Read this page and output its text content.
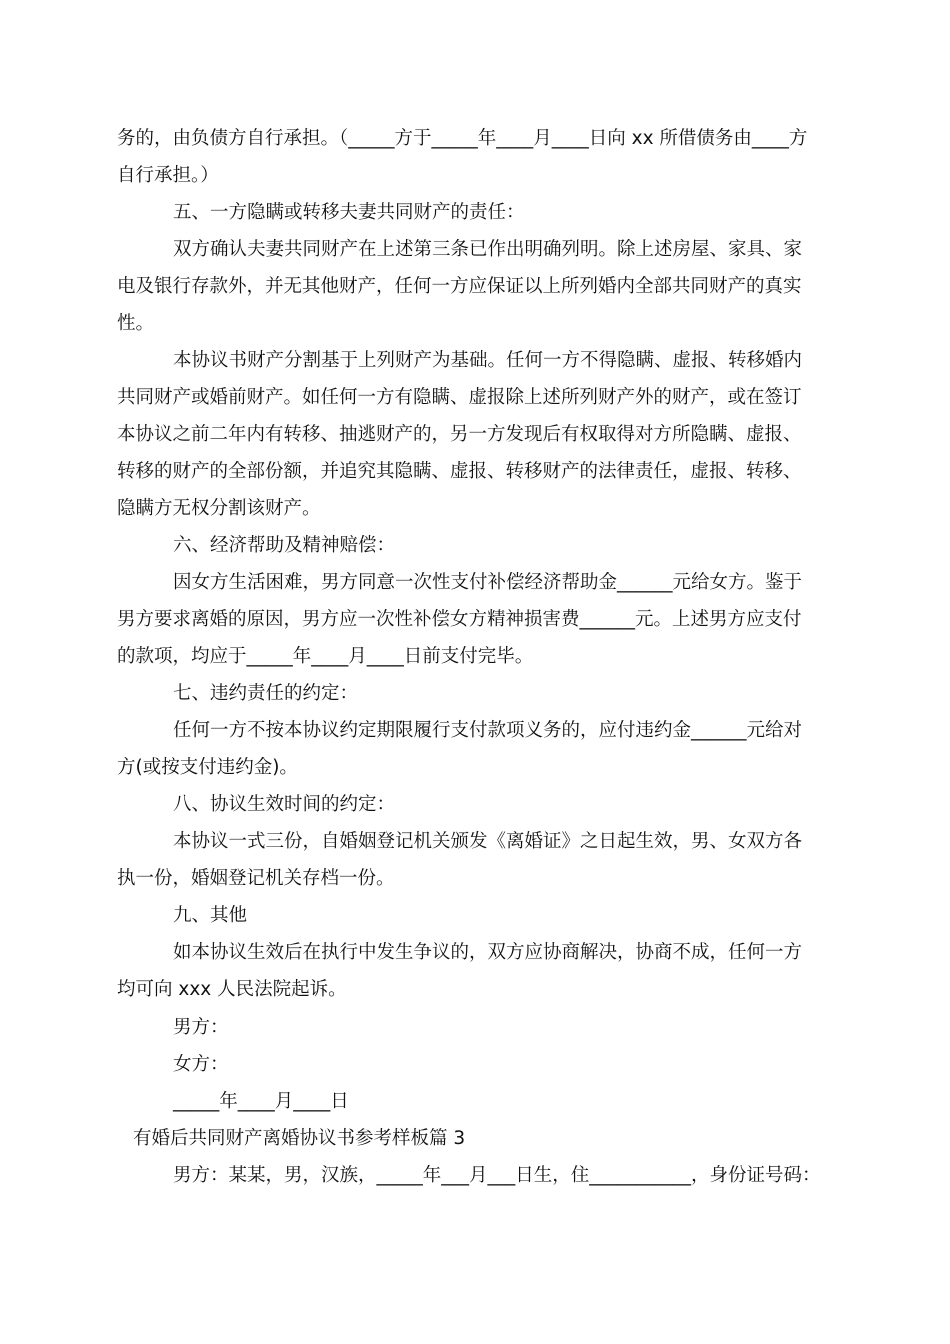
务的，由负债方自行承担。（_____方于_____年____月____日向 xx 所借债务由____方
自行承担。）
五、一方隐瞒或转移夫妻共同财产的责任：
双方确认夫妻共同财产在上述第三条已作出明确列明。除上述房屋、家具、家
电及银行存款外，并无其他财产，任何一方应保证以上所列婚内全部共同财产的真实
性。
本协议书财产分割基于上列财产为基础。任何一方不得隐瞒、虚报、转移婚内
共同财产或婚前财产。如任何一方有隐瞒、虚报除上述所列财产外的财产，或在签订
本协议之前二年内有转移、抽逃财产的，另一方发现后有权取得对方所隐瞒、虚报、
转移的财产的全部份额，并追究其隐瞒、虚报、转移财产的法律责任，虚报、转移、
隐瞒方无权分割该财产。
六、经济帮助及精神赔偿：
因女方生活困难，男方同意一次性支付补偿经济帮助金______元给女方。鉴于
男方要求离婚的原因，男方应一次性补偿女方精神损害费______元。上述男方应支付
的款项，均应于_____年____月____日前支付完毕。
七、违约责任的约定：
任何一方不按本协议约定期限履行支付款项义务的，应付违约金______元给对
方(或按支付违约金)。
八、协议生效时间的约定：
本协议一式三份，自婚姻登记机关颁发《离婚证》之日起生效，男、女双方各
执一份，婚姻登记机关存档一份。
九、其他
如本协议生效后在执行中发生争议的，双方应协商解决，协商不成，任何一方
均可向 xxx 人民法院起诉。
男方：
女方：
_____年____月____日
有婚后共同财产离婚协议书参考样板篇 3
男方：某某，男，汉族，_____年___月___日生，住___________，身份证号码：
